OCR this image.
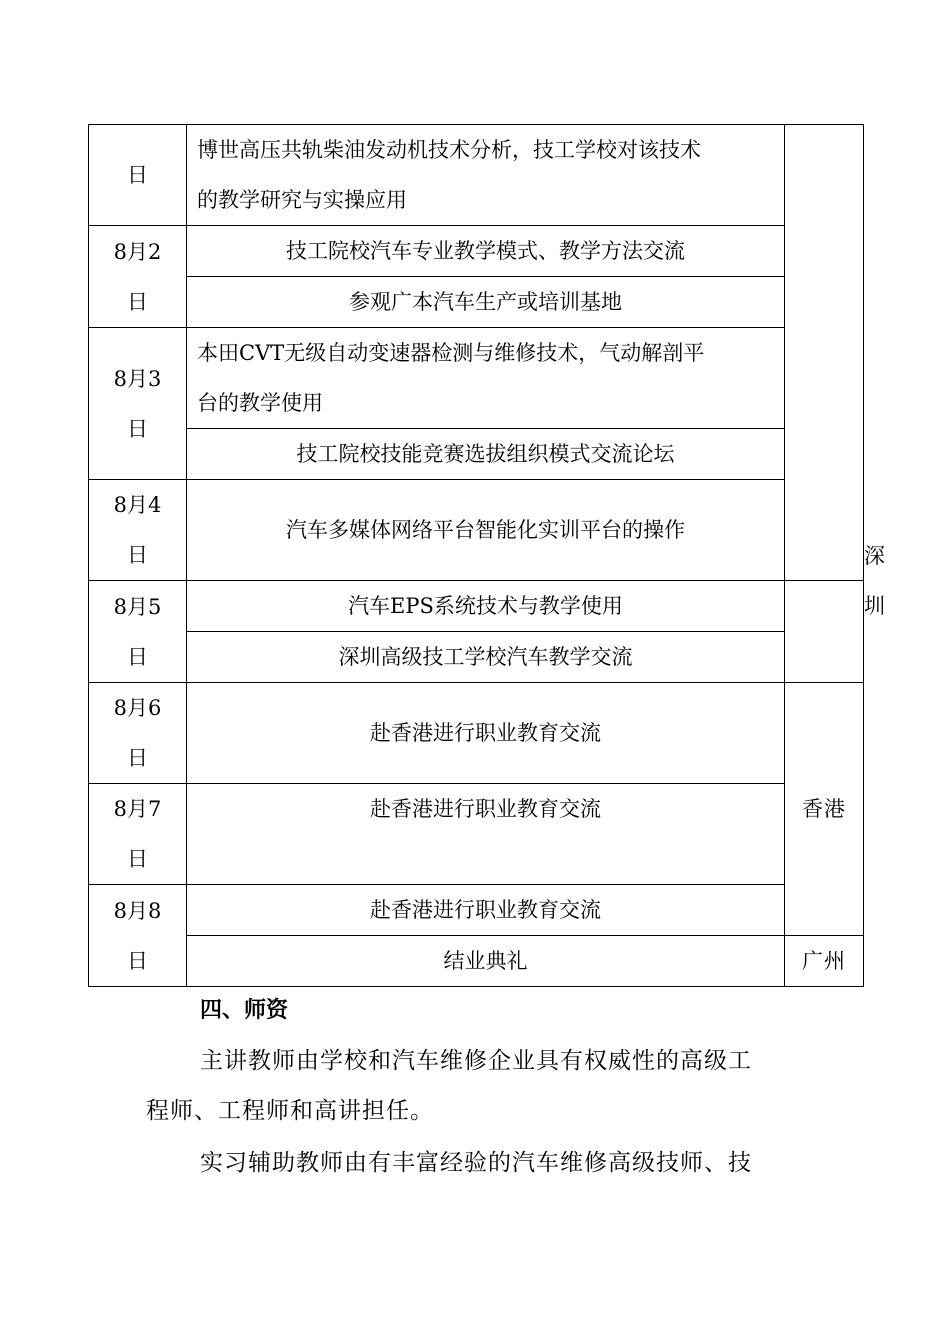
日	博世高压共轨柴油发动机技术分析，技工学校对该技术
的教学研究与实操应用		

8月2
日	技工院校汽车专业教学模式、教学方法交流		
	参观广本汽车生产或培训基地		

8月3
日	本田CVT无级自动变速器检测与维修技术，气动解剖平
台的教学使用		

	技工院校技能竞赛选拔组织模式交流论坛		

8月4
日	汽车多媒体网络平台智能化实训平台的操作		深圳

8月5
日	汽车EPS系统技术与教学使用		
	深圳高级技工学校汽车教学交流		

8月6
日	赴香港进行职业教育交流	香港	

8月7
日	赴香港进行职业教育交流		

8月8
日	赴香港进行职业教育交流		
	结业典礼	广州	
四、师资
主讲教师由学校和汽车维修企业具有权威性的高级工
程师、工程师和高讲担任。
实习辅助教师由有丰富经验的汽车维修高级技师、技
